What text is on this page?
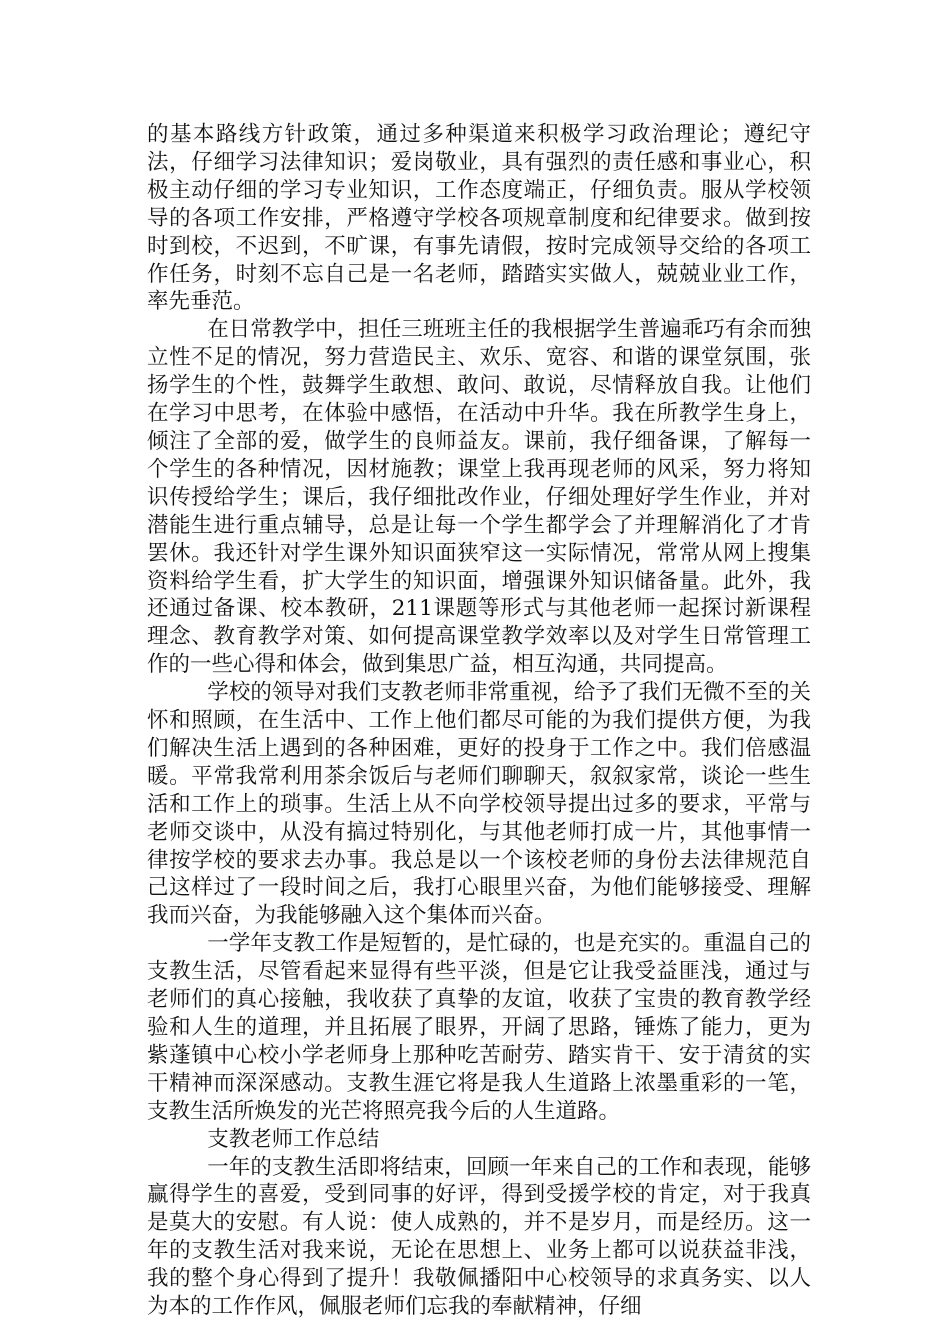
的基本路线方针政策，通过多种渠道来积极学习政治理论；遵纪守法，仔细学习法律知识；爱岗敬业，具有强烈的责任感和事业心，积极主动仔细的学习专业知识，工作态度端正，仔细负责。服从学校领导的各项工作安排，严格遵守学校各项规章制度和纪律要求。做到按时到校，不迟到，不旷课，有事先请假，按时完成领导交给的各项工作任务，时刻不忘自己是一名老师，踏踏实实做人，兢兢业业工作，率先垂范。

在日常教学中，担任三班班主任的我根据学生普遍乖巧有余而独立性不足的情况，努力营造民主、欢乐、宽容、和谐的课堂氛围，张扬学生的个性，鼓舞学生敢想、敢问、敢说，尽情释放自我。让他们在学习中思考，在体验中感悟，在活动中升华。我在所教学生身上，倾注了全部的爱，做学生的良师益友。课前，我仔细备课，了解每一个学生的各种情况，因材施教；课堂上我再现老师的风采，努力将知识传授给学生；课后，我仔细批改作业，仔细处理好学生作业，并对潜能生进行重点辅导，总是让每一个学生都学会了并理解消化了才肯罢休。我还针对学生课外知识面狭窄这一实际情况，常常从网上搜集资料给学生看，扩大学生的知识面，增强课外知识储备量。此外，我还通过备课、校本教研，211课题等形式与其他老师一起探讨新课程理念、教育教学对策、如何提高课堂教学效率以及对学生日常管理工作的一些心得和体会，做到集思广益，相互沟通，共同提高。

学校的领导对我们支教老师非常重视，给予了我们无微不至的关怀和照顾，在生活中、工作上他们都尽可能的为我们提供方便，为我们解决生活上遇到的各种困难，更好的投身于工作之中。我们倍感温暖。平常我常利用茶余饭后与老师们聊聊天，叙叙家常，谈论一些生活和工作上的琐事。生活上从不向学校领导提出过多的要求，平常与老师交谈中，从没有搞过特别化，与其他老师打成一片，其他事情一律按学校的要求去办事。我总是以一个该校老师的身份去法律规范自己这样过了一段时间之后，我打心眼里兴奋，为他们能够接受、理解我而兴奋，为我能够融入这个集体而兴奋。

一学年支教工作是短暂的，是忙碌的，也是充实的。重温自己的支教生活，尽管看起来显得有些平淡，但是它让我受益匪浅，通过与老师们的真心接触，我收获了真挚的友谊，收获了宝贵的教育教学经验和人生的道理，并且拓展了眼界，开阔了思路，锤炼了能力，更为紫蓬镇中心校小学老师身上那种吃苦耐劳、踏实肯干、安于清贫的实干精神而深深感动。支教生涯它将是我人生道路上浓墨重彩的一笔，支教生活所焕发的光芒将照亮我今后的人生道路。

支教老师工作总结

一年的支教生活即将结束，回顾一年来自己的工作和表现，能够赢得学生的喜爱，受到同事的好评，得到受援学校的肯定，对于我真是莫大的安慰。有人说：使人成熟的，并不是岁月，而是经历。这一年的支教生活对我来说，无论在思想上、业务上都可以说获益非浅，我的整个身心得到了提升！我敬佩播阳中心校领导的求真务实、以人为本的工作作风，佩服老师们忘我的奉献精神，仔细
